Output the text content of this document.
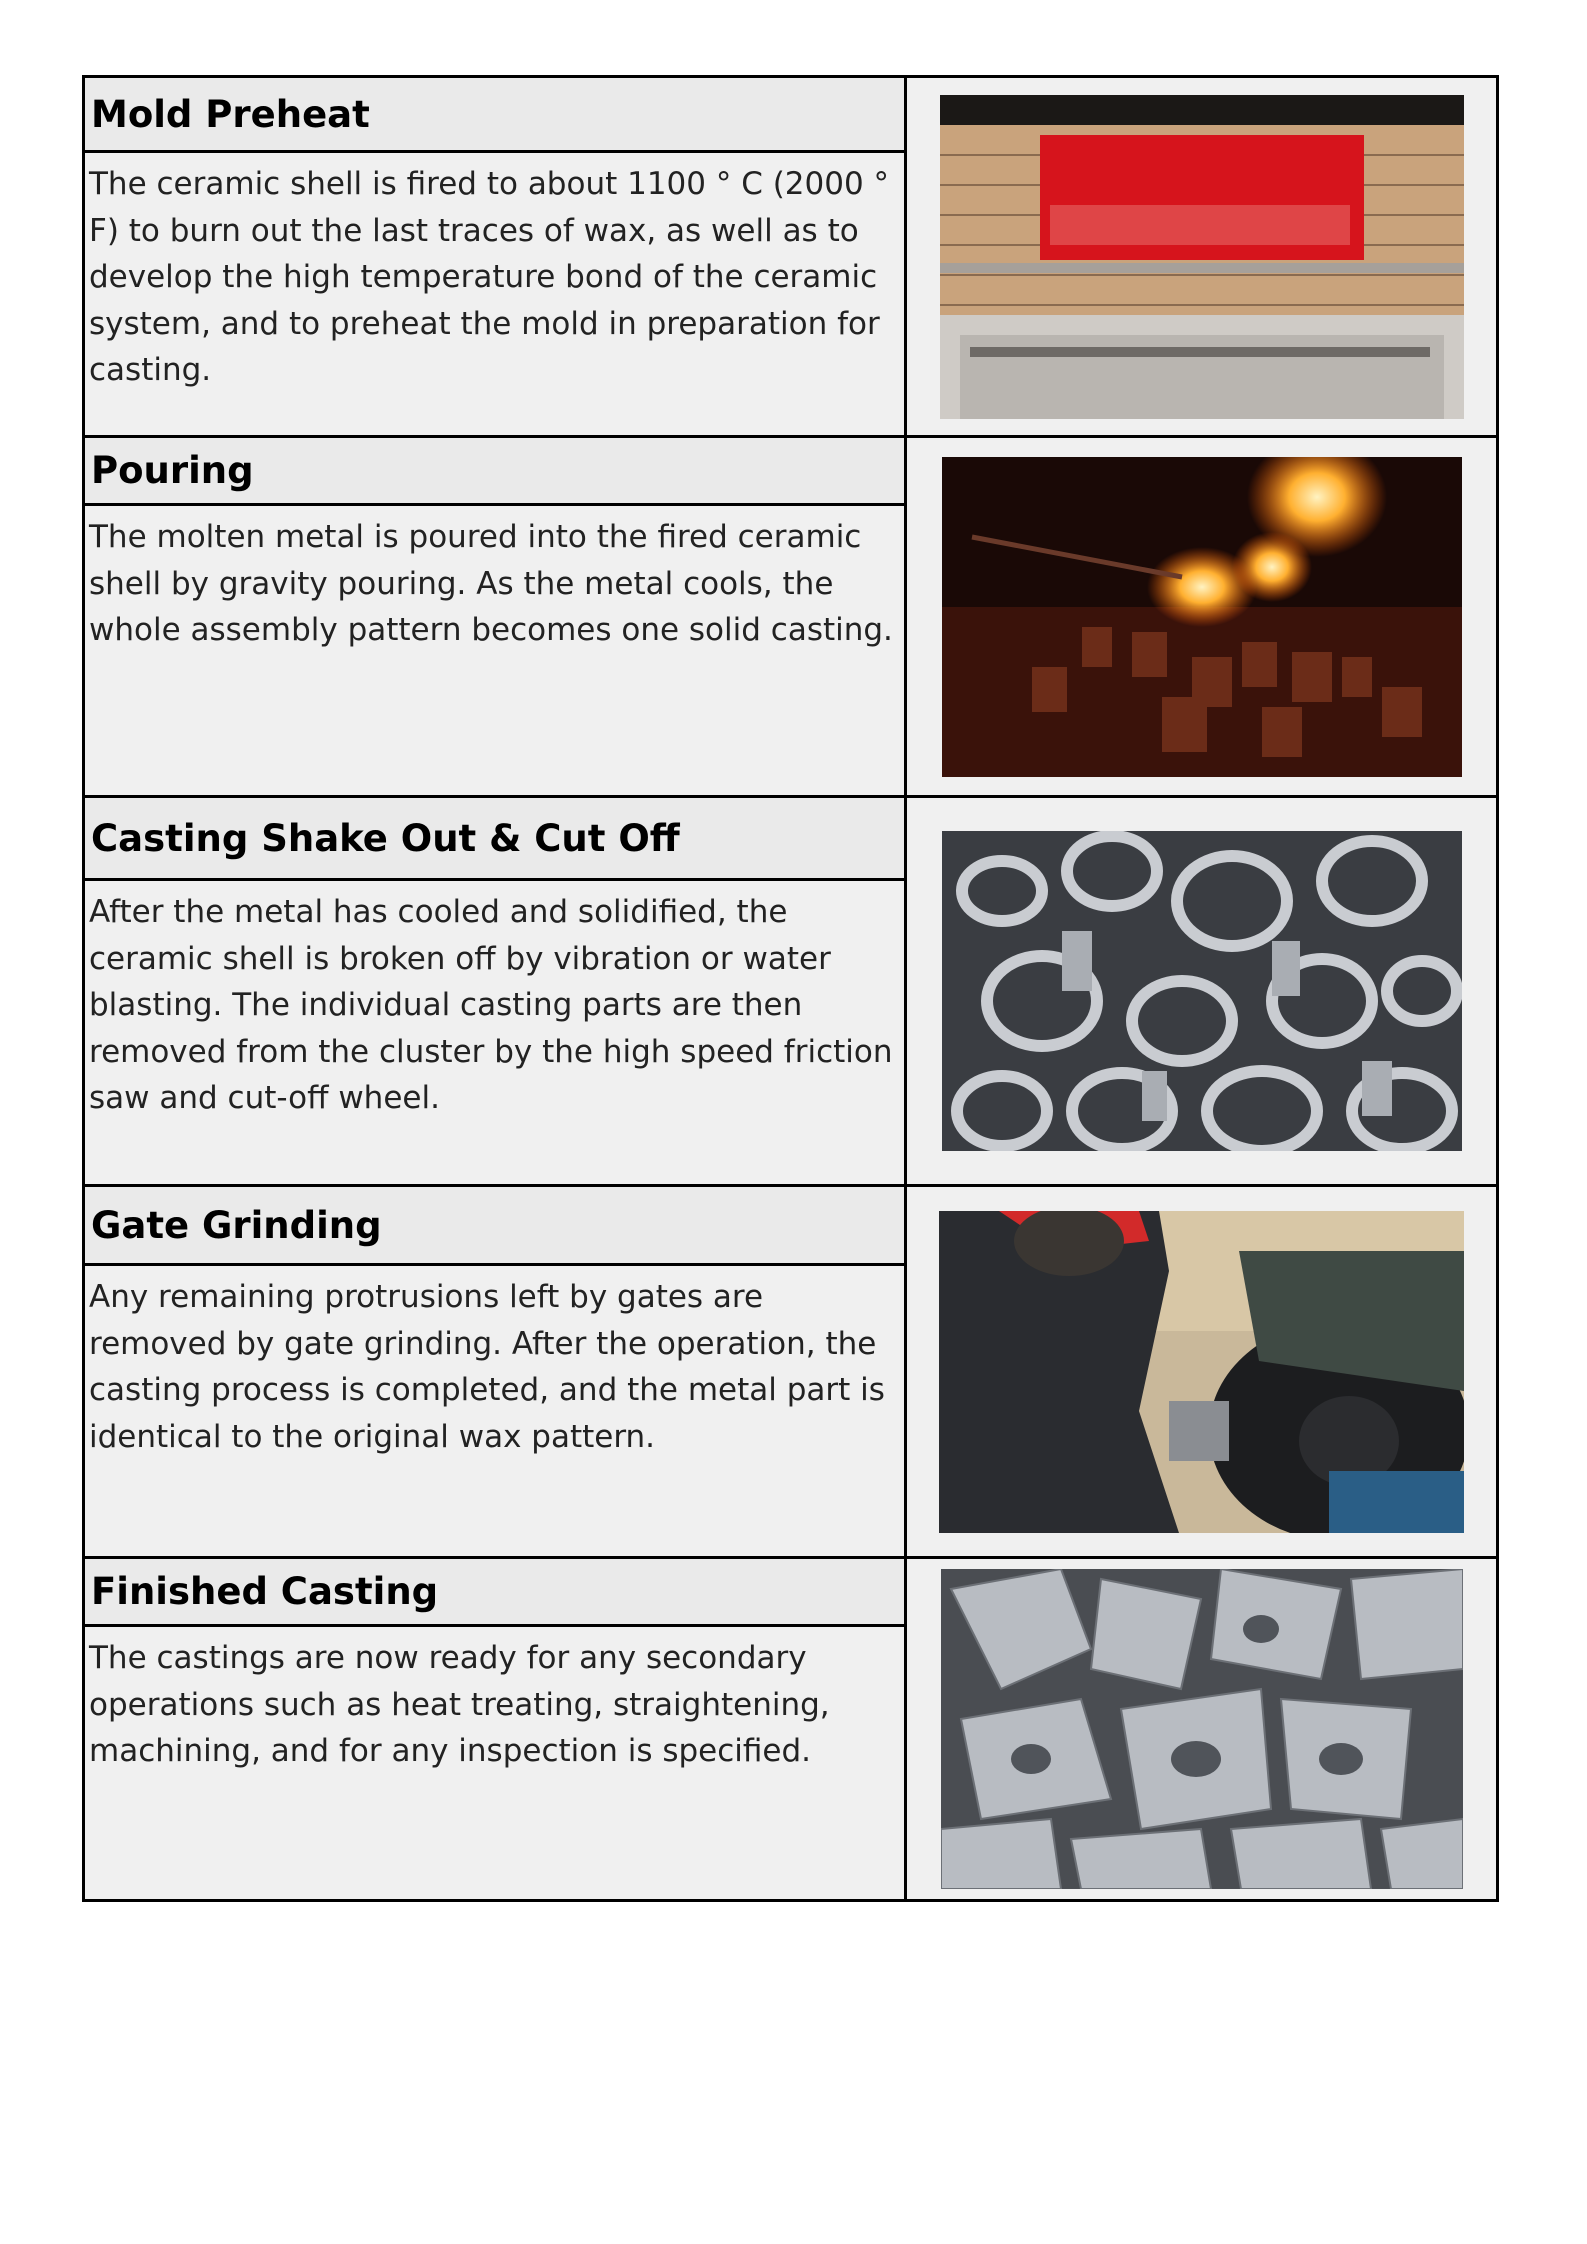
Mold Preheat

The ceramic shell is fired to about 1100 ° C (2000 ° F) to burn out the last traces of wax, as well as to develop the high temperature bond of the ceramic system, and to preheat the mold in preparation for casting.

Pouring

The molten metal is poured into the fired ceramic shell by gravity pouring. As the metal cools, the whole assembly pattern becomes one solid casting.

Casting Shake Out & Cut Off

After the metal has cooled and solidified, the ceramic shell is broken off by vibration or water blasting. The individual casting parts are then removed from the cluster by the high speed friction saw and cut-off wheel.

Gate Grinding

Any remaining protrusions left by gates are removed by gate grinding. After the operation, the casting process is completed, and the metal part is identical to the original wax pattern.

Finished Casting

The castings are now ready for any secondary operations such as heat treating, straightening, machining, and for any inspection is specified.
